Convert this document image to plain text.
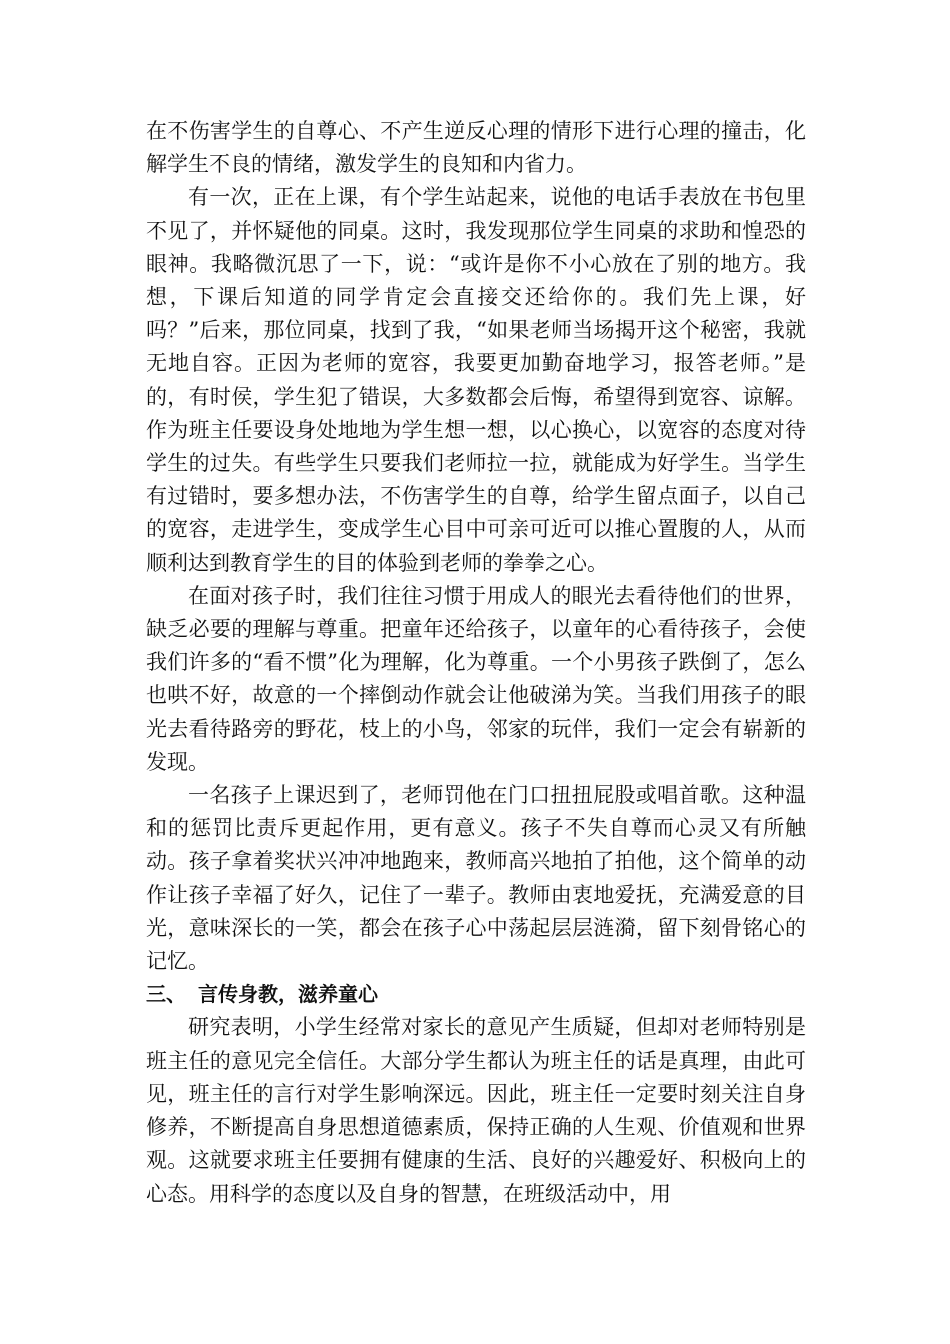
在不伤害学生的自尊心、不产生逆反心理的情形下进行心理的撞击，化解学生不良的情绪，激发学生的良知和内省力。

有一次，正在上课，有个学生站起来，说他的电话手表放在书包里不见了，并怀疑他的同桌。这时，我发现那位学生同桌的求助和惶恐的眼神。我略微沉思了一下，说：“或许是你不小心放在了别的地方。我想，下课后知道的同学肯定会直接交还给你的。我们先上课，好吗？”后来，那位同桌，找到了我，“如果老师当场揭开这个秘密，我就无地自容。正因为老师的宽容，我要更加勤奋地学习，报答老师。”是的，有时侯，学生犯了错误，大多数都会后悔，希望得到宽容、谅解。作为班主任要设身处地地为学生想一想，以心换心，以宽容的态度对待学生的过失。有些学生只要我们老师拉一拉，就能成为好学生。当学生有过错时，要多想办法，不伤害学生的自尊，给学生留点面子，以自己的宽容，走进学生，变成学生心目中可亲可近可以推心置腹的人，从而顺利达到教育学生的目的体验到老师的拳拳之心。

在面对孩子时，我们往往习惯于用成人的眼光去看待他们的世界，缺乏必要的理解与尊重。把童年还给孩子，以童年的心看待孩子，会使我们许多的“看不惯”化为理解，化为尊重。一个小男孩子跌倒了，怎么也哄不好，故意的一个摔倒动作就会让他破涕为笑。当我们用孩子的眼光去看待路旁的野花，枝上的小鸟，邻家的玩伴，我们一定会有崭新的发现。

一名孩子上课迟到了，老师罚他在门口扭扭屁股或唱首歌。这种温和的惩罚比责斥更起作用，更有意义。孩子不失自尊而心灵又有所触动。孩子拿着奖状兴冲冲地跑来，教师高兴地拍了拍他，这个简单的动作让孩子幸福了好久，记住了一辈子。教师由衷地爱抚，充满爱意的目光，意味深长的一笑，都会在孩子心中荡起层层涟漪，留下刻骨铭心的记忆。

三、 言传身教，滋养童心

研究表明，小学生经常对家长的意见产生质疑，但却对老师特别是班主任的意见完全信任。大部分学生都认为班主任的话是真理，由此可见，班主任的言行对学生影响深远。因此，班主任一定要时刻关注自身修养，不断提高自身思想道德素质，保持正确的人生观、价值观和世界观。这就要求班主任要拥有健康的生活、良好的兴趣爱好、积极向上的心态。用科学的态度以及自身的智慧，在班级活动中，用
